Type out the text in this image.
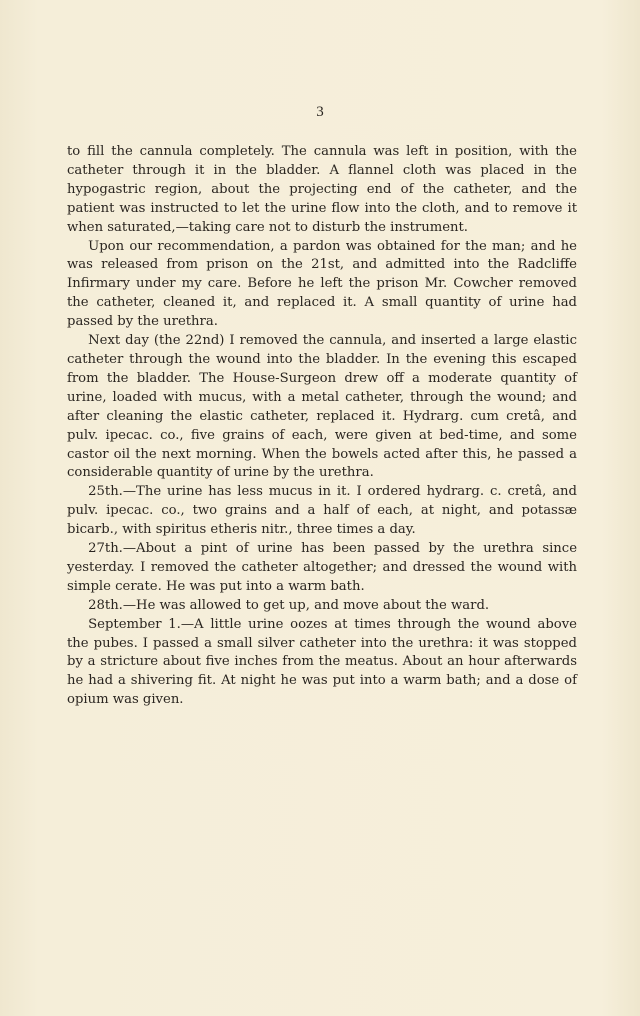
3

to fill the cannula completely. The cannula was left in position, with the catheter through it in the bladder. A flannel cloth was placed in the hypogastric region, about the projecting end of the catheter, and the patient was instructed to let the urine flow into the cloth, and to remove it when saturated,—taking care not to disturb the instrument.

Upon our recommendation, a pardon was obtained for the man; and he was released from prison on the 21st, and admitted into the Radcliffe Infirmary under my care. Before he left the prison Mr. Cowcher removed the catheter, cleaned it, and replaced it. A small quantity of urine had passed by the urethra.

Next day (the 22nd) I removed the cannula, and inserted a large elastic catheter through the wound into the bladder. In the evening this escaped from the bladder. The House-Surgeon drew off a moderate quantity of urine, loaded with mucus, with a metal catheter, through the wound; and after cleaning the elastic catheter, replaced it. Hydrarg. cum cretâ, and pulv. ipecac. co., five grains of each, were given at bed-time, and some castor oil the next morning. When the bowels acted after this, he passed a considerable quantity of urine by the urethra.

25th.—The urine has less mucus in it. I ordered hydrarg. c. cretâ, and pulv. ipecac. co., two grains and a half of each, at night, and potassæ bicarb., with spiritus etheris nitr., three times a day.

27th.—About a pint of urine has been passed by the urethra since yesterday. I removed the catheter altogether; and dressed the wound with simple cerate. He was put into a warm bath.

28th.—He was allowed to get up, and move about the ward.

September 1.—A little urine oozes at times through the wound above the pubes. I passed a small silver catheter into the urethra: it was stopped by a stricture about five inches from the meatus. About an hour afterwards he had a shivering fit. At night he was put into a warm bath; and a dose of opium was given.
